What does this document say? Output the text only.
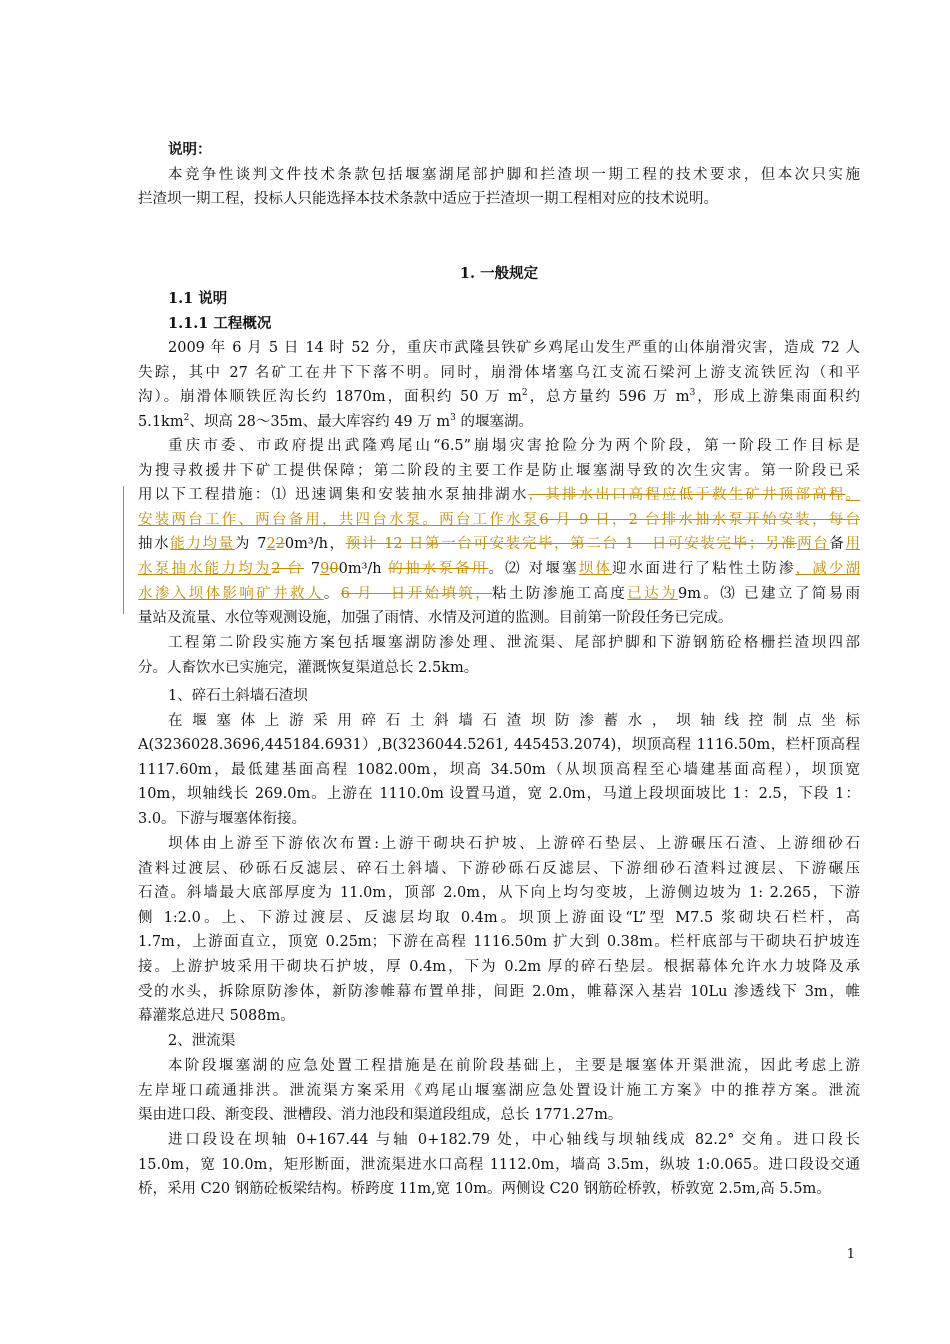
说明：
本竞争性谈判文件技术条款包括堰塞湖尾部护脚和拦渣坝一期工程的技术要求，但本次只实施
拦渣坝一期工程，投标人只能选择本技术条款中适应于拦渣坝一期工程相对应的技术说明。
1. 一般规定
1.1 说明
1.1.1 工程概况
2009 年 6 月 5 日 14 时 52 分，重庆市武隆县铁矿乡鸡尾山发生严重的山体崩滑灾害，造成 72 人
失踪，其中 27 名矿工在井下下落不明。同时，崩滑体堵塞乌江支流石梁河上游支流铁匠沟（和平
沟）。崩滑体顺铁匠沟长约 1870m，面积约 50 万 $m^2$，总方量约 596 万 $m^3$，形成上游集雨面积约
$5.1km^2$、坝高 28～35m、最大库容约 49 万 $m^3$ 的堰塞湖。
重庆市委、市政府提出武隆鸡尾山“6.5”崩塌灾害抢险分为两个阶段，第一阶段工作目标是
为搜寻救援井下矿工提供保障；第二阶段的主要工作是防止堰塞湖导致的次生灾害。第一阶段已采
用以下工程措施：⑴ 迅速调集和安装抽水泵抽排湖水，其排水出口高程应低于救生矿井顶部高程。
安装两台工作、两台备用，共四台水泵。两台工作水泵6 月 9 日，2 台排水抽水泵开始安装，每台
抽水能力均量为 7220m³/h，预计 12 日第一台可安装完毕，第二台 1　日可安装完毕；另准两台备用
水泵抽水能力均为2 台 7900m³/h 的抽水泵备用。⑵ 对堰塞坝体迎水面进行了粘性土防渗，减少湖
水渗入坝体影响矿井救人。6 月　日开始填筑，粘土防渗施工高度已达为9m。⑶ 已建立了简易雨
量站及流量、水位等观测设施，加强了雨情、水情及河道的监测。目前第一阶段任务已完成。
工程第二阶段实施方案包括堰塞湖防渗处理、泄流渠、尾部护脚和下游钢筋砼格栅拦渣坝四部
分。人畜饮水已实施完，灌溉恢复渠道总长 2.5km。
1、碎石土斜墙石渣坝
在 堰 塞 体 上 游 采 用 碎 石 土 斜 墙 石 渣 坝 防 渗 蓄 水 ， 坝 轴 线 控 制 点 坐 标
A(3236028.3696,445184.6931）,B(3236044.5261, 445453.2074)，坝顶高程 1116.50m，栏杆顶高程
1117.60m，最低建基面高程 1082.00m，坝高 34.50m（从坝顶高程至心墙建基面高程），坝顶宽
10m，坝轴线长 269.0m。上游在 1110.0m 设置马道，宽 2.0m，马道上段坝面坡比 1：2.5，下段 1：
3.0。下游与堰塞体衔接。
坝体由上游至下游依次布置:上游干砌块石护坡、上游碎石垫层、上游碾压石渣、上游细砂石
渣料过渡层、砂砾石反滤层、碎石土斜墙、下游砂砾石反滤层、下游细砂石渣料过渡层、下游碾压
石渣。斜墙最大底部厚度为 11.0m，顶部 2.0m，从下向上均匀变坡，上游侧边坡为 1: 2.265，下游
侧 1:2.0。上、下游过渡层、反滤层均取 0.4m。坝顶上游面设“L”型 M7.5 浆砌块石栏杆，高
1.7m，上游面直立，顶宽 0.25m；下游在高程 1116.50m 扩大到 0.38m。栏杆底部与干砌块石护坡连
接。上游护坡采用干砌块石护坡，厚 0.4m，下为 0.2m 厚的碎石垫层。根据幕体允许水力坡降及承
受的水头，拆除原防渗体，新防渗帷幕布置单排，间距 2.0m，帷幕深入基岩 10Lu 渗透线下 3m，帷
幕灌浆总进尺 5088m。
2、泄流渠
本阶段堰塞湖的应急处置工程措施是在前阶段基础上，主要是堰塞体开渠泄流，因此考虑上游
左岸垭口疏通排洪。泄流渠方案采用《鸡尾山堰塞湖应急处置设计施工方案》中的推荐方案。泄流
渠由进口段、渐变段、泄槽段、消力池段和渠道段组成，总长 1771.27m。
进口段设在坝轴 0+167.44 与轴 0+182.79 处，中心轴线与坝轴线成 82.2° 交角。进口段长
15.0m，宽 10.0m，矩形断面，泄流渠进水口高程 1112.0m，墙高 3.5m，纵坡 1:0.065。进口段设交通
桥，采用 C20 钢筋砼板梁结构。桥跨度 11m,宽 10m。两侧设 C20 钢筋砼桥敦，桥敦宽 2.5m,高 5.5m。
1
